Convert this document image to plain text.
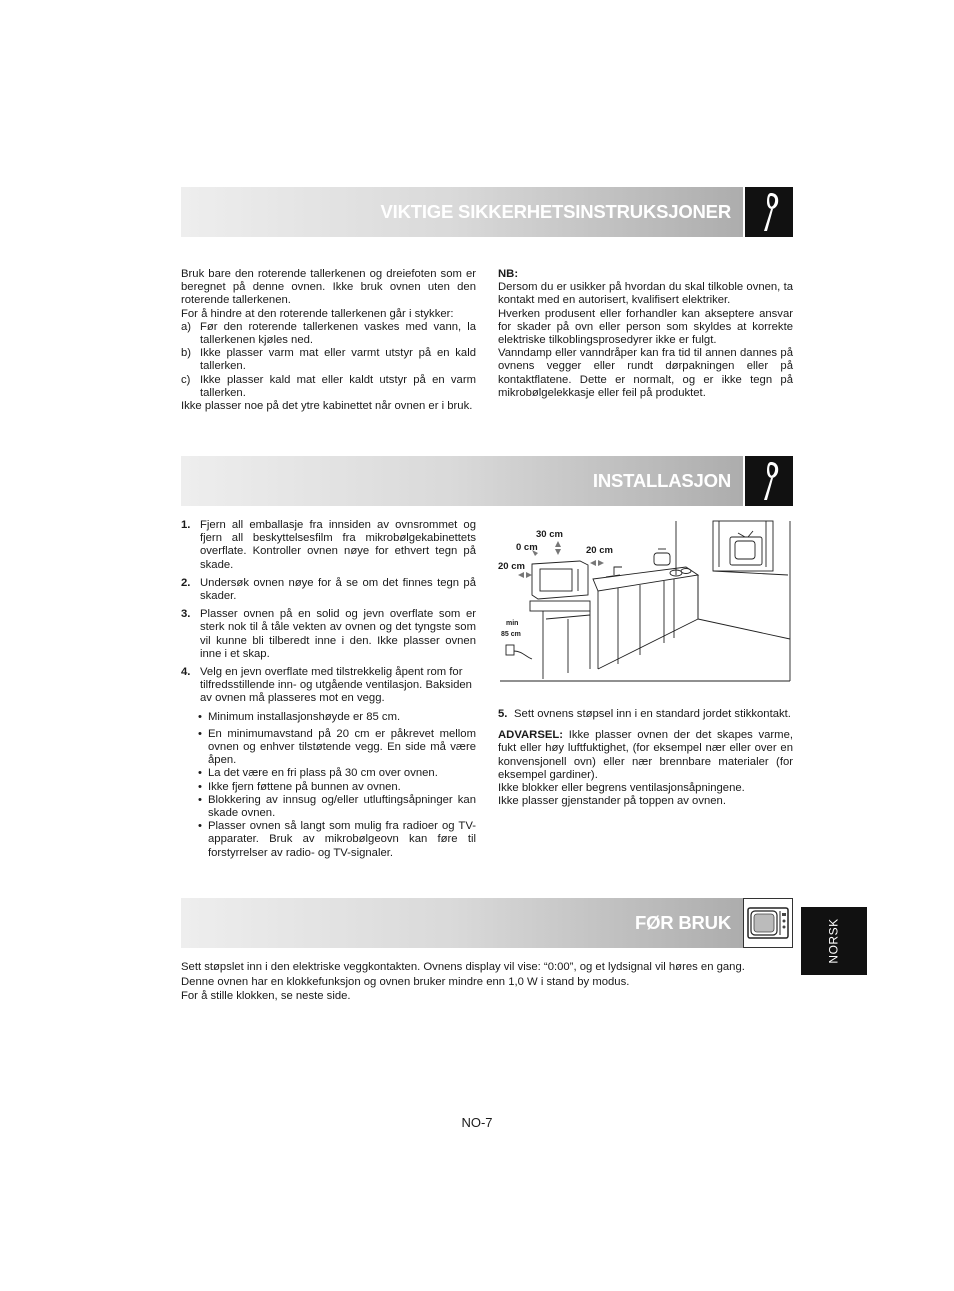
VIKTIGE SIKKERHETSINSTRUKSJONER

Bruk bare den roterende tallerkenen og dreiefoten som er beregnet på denne ovnen. Ikke bruk ovnen uten den roterende tallerkenen.

For å hindre at den roterende tallerkenen går i stykker:

a) Før den roterende tallerkenen vaskes med vann, la tallerkenen kjøles ned.

b) Ikke plasser varm mat eller varmt utstyr på en kald tallerken.

c) Ikke plasser kald mat eller kaldt utstyr på en varm tallerken.

Ikke plasser noe på det ytre kabinettet når ovnen er i bruk.

NB:

Dersom du er usikker på hvordan du skal tilkoble ovnen, ta kontakt med en autorisert, kvalifisert elektriker.

Hverken produsent eller forhandler kan akseptere ansvar for skader på ovn eller person som skyldes at korrekte elektriske tilkoblingsprosedyrer ikke er fulgt.

Vanndamp eller vanndråper kan fra tid til annen dannes på ovnens vegger eller rundt dørpakningen eller på kontaktflatene. Dette er normalt, og er ikke tegn på mikrobølgelekkasje eller feil på produktet.

INSTALLASJON
1. Fjern all emballasje fra innsiden av ovnsrommet og fjern all beskyttelsesfilm fra mikrobølgekabinettets overflate. Kontroller ovnen nøye for ethvert tegn på skade.

2. Undersøk ovnen nøye for å se om det finnes tegn på skader.

3. Plasser ovnen på en solid og jevn overflate som er sterk nok til å tåle vekten av ovnen og det tyngste som vil kunne bli tilberedt inne i den. Ikke plasser ovnen inne i et skap.

4. Velg en jevn overflate med tilstrekkelig åpent rom for tilfredsstillende inn- og utgående ventilasjon. Baksiden av ovnen må plasseres mot en vegg.

• Minimum installasjonshøyde er 85 cm.

• En minimumavstand på 20 cm er påkrevet mellom ovnen og enhver tilstøtende vegg. En side må være åpen.

• La det være en fri plass på 30 cm over ovnen.

• Ikke fjern føttene på bunnen av ovnen.

• Blokkering av innsug og/eller utluftingsåpninger kan skade ovnen.

• Plasser ovnen så langt som mulig fra radioer og TV-apparater. Bruk av mikrobølgeovn kan føre til forstyrrelser av radio- og TV-signaler.

30 cm
0 cm	20 cm
20 cm
min
85 cm
5. Sett ovnens støpsel inn i en standard jordet stikkontakt.

ADVARSEL: Ikke plasser ovnen der det skapes varme, fukt eller høy luftfuktighet, (for eksempel nær eller over en konvensjonell ovn) eller nær brennbare materialer (for eksempel gardiner).

Ikke blokker eller begrens ventilasjonsåpningene.

Ikke plasser gjenstander på toppen av ovnen.

FØR BRUK

Sett støpslet inn i den elektriske veggkontakten. Ovnens display vil vise: “0:00”, og et lydsignal vil høres en gang.

Denne ovnen har en klokkefunksjon og ovnen bruker mindre enn 1,0 W i stand by modus.

For å stille klokken, se neste side.

NORSK
NO-7
